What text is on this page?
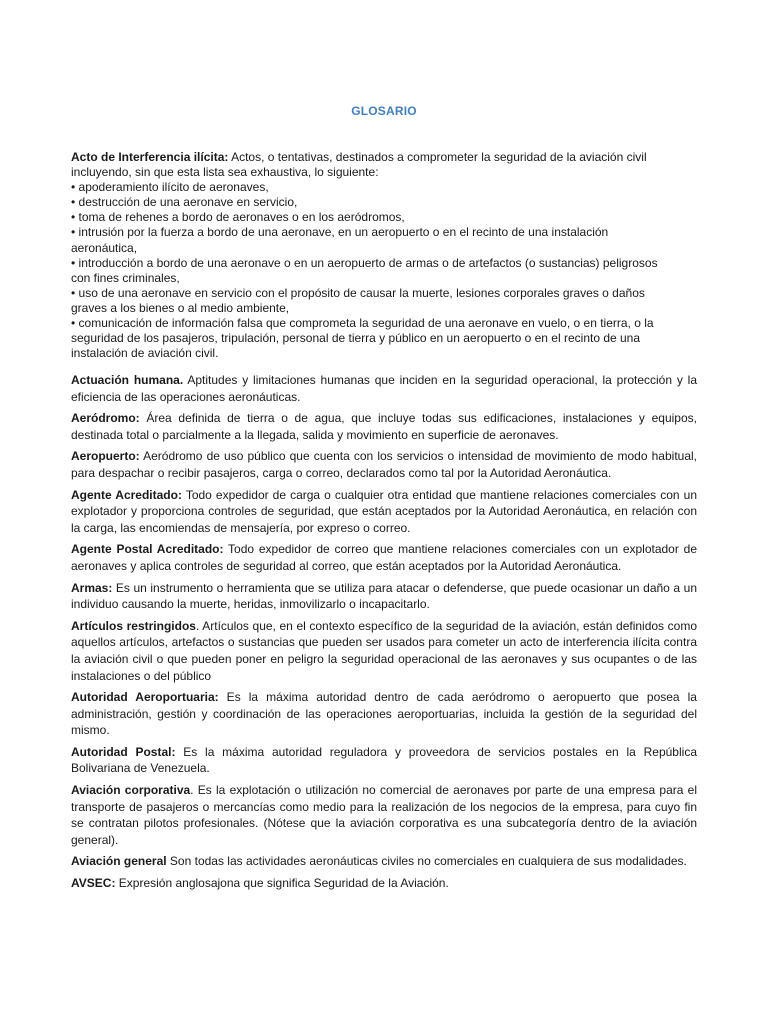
GLOSARIO
Acto de Interferencia ilícita: Actos, o tentativas, destinados a comprometer la seguridad de la aviación civil
incluyendo, sin que esta lista sea exhaustiva, lo siguiente:
• apoderamiento ilícito de aeronaves,
• destrucción de una aeronave en servicio,
• toma de rehenes a bordo de aeronaves o en los aeródromos,
• intrusión por la fuerza a bordo de una aeronave, en un aeropuerto o en el recinto de una instalación
aeronáutica,
• introducción a bordo de una aeronave o en un aeropuerto de armas o de artefactos (o sustancias) peligrosos
con fines criminales,
• uso de una aeronave en servicio con el propósito de causar la muerte, lesiones corporales graves o daños
graves a los bienes o al medio ambiente,
• comunicación de información falsa que comprometa la seguridad de una aeronave en vuelo, o en tierra, o la
seguridad de los pasajeros, tripulación, personal de tierra y público en un aeropuerto o en el recinto de una
instalación de aviación civil.

Actuación humana. Aptitudes y limitaciones humanas que inciden en la seguridad operacional, la protección y la eficiencia de las operaciones aeronáuticas.

Aeródromo: Área definida de tierra o de agua, que incluye todas sus edificaciones, instalaciones y equipos, destinada total o parcialmente a la llegada, salida y movimiento en superficie de aeronaves.

Aeropuerto: Aeródromo de uso público que cuenta con los servicios o intensidad de movimiento de modo habitual, para despachar o recibir pasajeros, carga o correo, declarados como tal por la Autoridad Aeronáutica.

Agente Acreditado: Todo expedidor de carga o cualquier otra entidad que mantiene relaciones comerciales con un explotador y proporciona controles de seguridad, que están aceptados por la Autoridad Aeronáutica, en relación con la carga, las encomiendas de mensajería, por expreso o correo.

Agente Postal Acreditado: Todo expedidor de correo que mantiene relaciones comerciales con un explotador de aeronaves y aplica controles de seguridad al correo, que están aceptados por la Autoridad Aeronáutica.

Armas: Es un instrumento o herramienta que se utiliza para atacar o defenderse, que puede ocasionar un daño a un individuo causando la muerte, heridas, inmovilizarlo o incapacitarlo.

Artículos restringidos. Artículos que, en el contexto específico de la seguridad de la aviación, están definidos como aquellos artículos, artefactos o sustancias que pueden ser usados para cometer un acto de interferencia ilícita contra la aviación civil o que pueden poner en peligro la seguridad operacional de las aeronaves y sus ocupantes o de las instalaciones o del público

Autoridad Aeroportuaria: Es la máxima autoridad dentro de cada aeródromo o aeropuerto que posea la administración, gestión y coordinación de las operaciones aeroportuarias, incluida la gestión de la seguridad del mismo.

Autoridad Postal: Es la máxima autoridad reguladora y proveedora de servicios postales en la República Bolivariana de Venezuela.

Aviación corporativa. Es la explotación o utilización no comercial de aeronaves por parte de una empresa para el transporte de pasajeros o mercancías como medio para la realización de los negocios de la empresa, para cuyo fin se contratan pilotos profesionales. (Nótese que la aviación corporativa es una subcategoría dentro de la aviación general).

Aviación general Son todas las actividades aeronáuticas civiles no comerciales en cualquiera de sus modalidades.

AVSEC: Expresión anglosajona que significa Seguridad de la Aviación.
